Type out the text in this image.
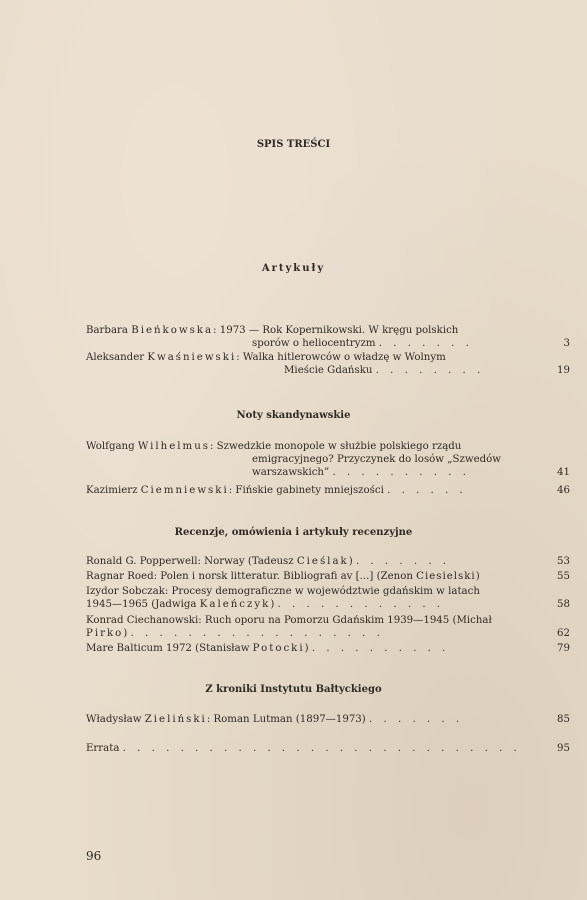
SPIS TREŚCI
Artykuły
Barbara Bieńkowska: 1973 — Rok Kopernikowski. W kręgu polskich
sporów o heliocentryzm . . . . . . .	3
Aleksander Kwaśniewski: Walka hitlerowców o władzę w Wolnym
Mieście Gdańsku . . . . . . . .	19
Noty skandynawskie
Wolfgang Wilhelmus: Szwedzkie monopole w służbie polskiego rządu
emigracyjnego? Przyczynek do losów „Szwedów
warszawskich” . . . . . . . . . .	41
Kazimierz Ciemniewski: Fińskie gabinety mniejszości . . . . . .	46
Recenzje, omówienia i artykuły recenzyjne
Ronald G. Popperwell: Norway (Tadeusz Cieślak) . . . . . . .	53
Ragnar Roed: Polen i norsk litteratur. Bibliografi av [...] (Zenon Ciesielski)	55
Izydor Sobczak: Procesy demograficzne w województwie gdańskim w latach
1945—1965 (Jadwiga Kaleńczyk) . . . . . . . . . . . .	58
Konrad Ciechanowski: Ruch oporu na Pomorzu Gdańskim 1939—1945 (Michał
Pirko) . . . . . . . . . . . . . . . . . .	62
Mare Balticum 1972 (Stanisław Potocki) . . . . . . . . . .	79
Z kroniki Instytutu Bałtyckiego
Władysław Zieliński: Roman Lutman (1897—1973) . . . . . . .	85
Errata . . . . . . . . . . . . . . . . . . . . . . . . . . . .	95
96
